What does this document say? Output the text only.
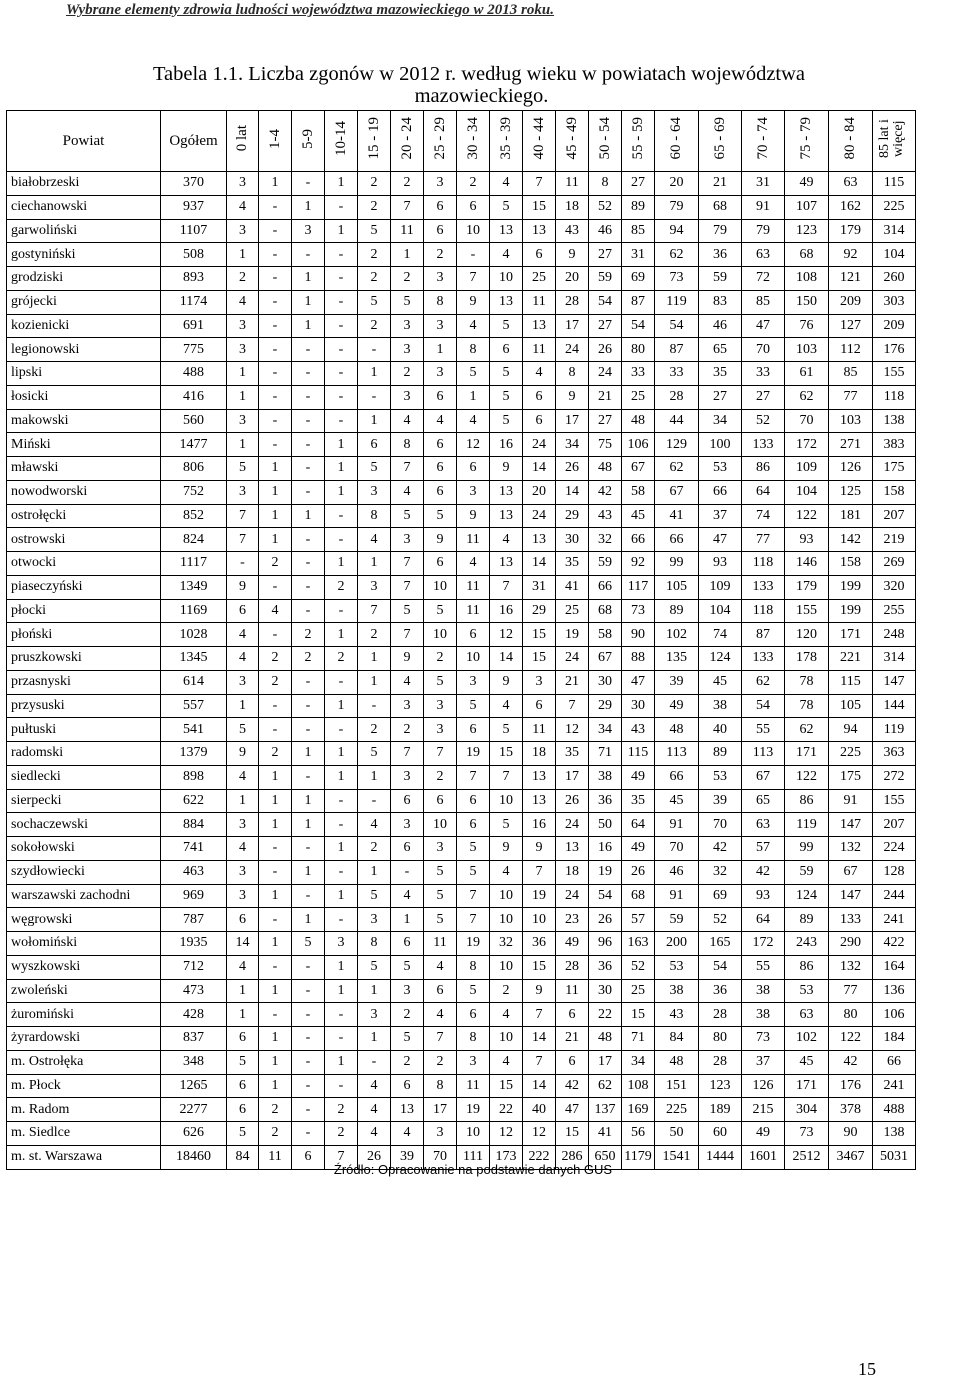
Wybrane elementy zdrowia ludności województwa mazowieckiego w 2013 roku.
Tabela 1.1. Liczba zgonów w 2012 r. według wieku w powiatach województwa
mazowieckiego.
Powiat	Ogółem	0 lat	1-4	5-9	10-14	15 - 19	20 - 24	25 - 29	30 - 34	35 - 39	40 - 44	45 - 49	50 - 54	55 - 59	60 - 64	65 - 69	70 - 74	75 - 79	80 - 84	85 lat i więcej
białobrzeski	370	3	1	-	1	2	2	3	2	4	7	11	8	27	20	21	31	49	63	115
ciechanowski	937	4	-	1	-	2	7	6	6	5	15	18	52	89	79	68	91	107	162	225
garwoliński	1107	3	-	3	1	5	11	6	10	13	13	43	46	85	94	79	79	123	179	314
gostyniński	508	1	-	-	-	2	1	2	-	4	6	9	27	31	62	36	63	68	92	104
grodziski	893	2	-	1	-	2	2	3	7	10	25	20	59	69	73	59	72	108	121	260
grójecki	1174	4	-	1	-	5	5	8	9	13	11	28	54	87	119	83	85	150	209	303
kozienicki	691	3	-	1	-	2	3	3	4	5	13	17	27	54	54	46	47	76	127	209
legionowski	775	3	-	-	-	-	3	1	8	6	11	24	26	80	87	65	70	103	112	176
lipski	488	1	-	-	-	1	2	3	5	5	4	8	24	33	33	35	33	61	85	155
łosicki	416	1	-	-	-	-	3	6	1	5	6	9	21	25	28	27	27	62	77	118
makowski	560	3	-	-	-	1	4	4	4	5	6	17	27	48	44	34	52	70	103	138
Miński	1477	1	-	-	1	6	8	6	12	16	24	34	75	106	129	100	133	172	271	383
mławski	806	5	1	-	1	5	7	6	6	9	14	26	48	67	62	53	86	109	126	175
nowodworski	752	3	1	-	1	3	4	6	3	13	20	14	42	58	67	66	64	104	125	158
ostrołęcki	852	7	1	1	-	8	5	5	9	13	24	29	43	45	41	37	74	122	181	207
ostrowski	824	7	1	-	-	4	3	9	11	4	13	30	32	66	66	47	77	93	142	219
otwocki	1117	-	2	-	1	1	7	6	4	13	14	35	59	92	99	93	118	146	158	269
piaseczyński	1349	9	-	-	2	3	7	10	11	7	31	41	66	117	105	109	133	179	199	320
płocki	1169	6	4	-	-	7	5	5	11	16	29	25	68	73	89	104	118	155	199	255
płoński	1028	4	-	2	1	2	7	10	6	12	15	19	58	90	102	74	87	120	171	248
pruszkowski	1345	4	2	2	2	1	9	2	10	14	15	24	67	88	135	124	133	178	221	314
przasnyski	614	3	2	-	-	1	4	5	3	9	3	21	30	47	39	45	62	78	115	147
przysuski	557	1	-	-	1	-	3	3	5	4	6	7	29	30	49	38	54	78	105	144
pułtuski	541	5	-	-	-	2	2	3	6	5	11	12	34	43	48	40	55	62	94	119
radomski	1379	9	2	1	1	5	7	7	19	15	18	35	71	115	113	89	113	171	225	363
siedlecki	898	4	1	-	1	1	3	2	7	7	13	17	38	49	66	53	67	122	175	272
sierpecki	622	1	1	1	-	-	6	6	6	10	13	26	36	35	45	39	65	86	91	155
sochaczewski	884	3	1	1	-	4	3	10	6	5	16	24	50	64	91	70	63	119	147	207
sokołowski	741	4	-	-	1	2	6	3	5	9	9	13	16	49	70	42	57	99	132	224
szydłowiecki	463	3	-	1	-	1	-	5	5	4	7	18	19	26	46	32	42	59	67	128
warszawski zachodni	969	3	1	-	1	5	4	5	7	10	19	24	54	68	91	69	93	124	147	244
węgrowski	787	6	-	1	-	3	1	5	7	10	10	23	26	57	59	52	64	89	133	241
wołomiński	1935	14	1	5	3	8	6	11	19	32	36	49	96	163	200	165	172	243	290	422
wyszkowski	712	4	-	-	1	5	5	4	8	10	15	28	36	52	53	54	55	86	132	164
zwoleński	473	1	1	-	1	1	3	6	5	2	9	11	30	25	38	36	38	53	77	136
żuromiński	428	1	-	-	-	3	2	4	6	4	7	6	22	15	43	28	38	63	80	106
żyrardowski	837	6	1	-	-	1	5	7	8	10	14	21	48	71	84	80	73	102	122	184
m. Ostrołęka	348	5	1	-	1	-	2	2	3	4	7	6	17	34	48	28	37	45	42	66
m. Płock	1265	6	1	-	-	4	6	8	11	15	14	42	62	108	151	123	126	171	176	241
m. Radom	2277	6	2	-	2	4	13	17	19	22	40	47	137	169	225	189	215	304	378	488
m. Siedlce	626	5	2	-	2	4	4	3	10	12	12	15	41	56	50	60	49	73	90	138
m. st. Warszawa	18460	84	11	6	7	26	39	70	111	173	222	286	650	1179	1541	1444	1601	2512	3467	5031
Źródło: Opracowanie na podstawie danych GUS
15
